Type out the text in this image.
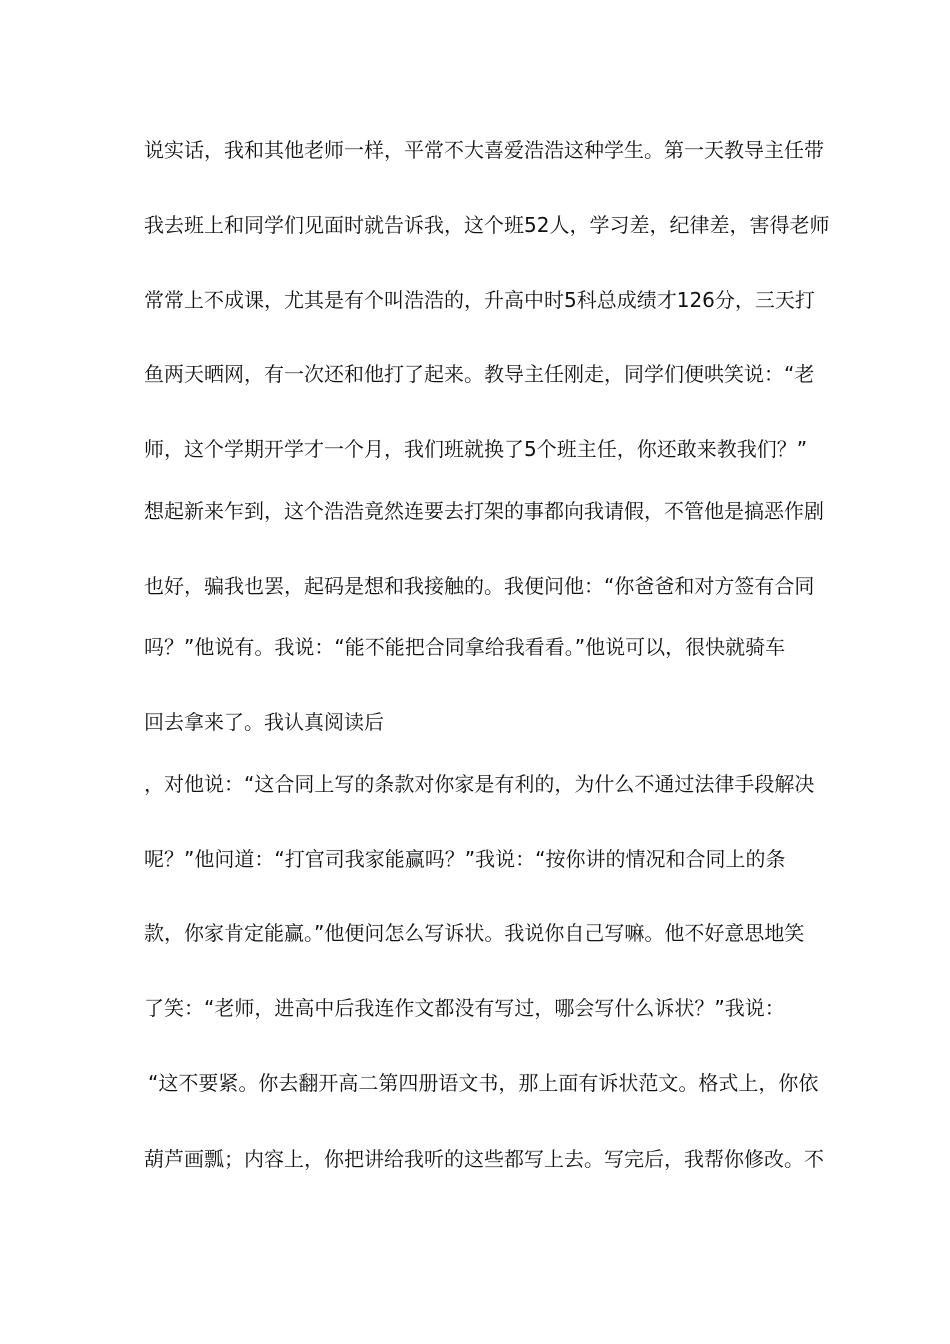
说实话，我和其他老师一样，平常不大喜爱浩浩这种学生。第一天教导主任带
我去班上和同学们见面时就告诉我，这个班52人，学习差，纪律差，害得老师
常常上不成课，尤其是有个叫浩浩的，升高中时5科总成绩才126分，三天打
鱼两天晒网，有一次还和他打了起来。教导主任刚走，同学们便哄笑说：“老
师，这个学期开学才一个月，我们班就换了5个班主任，你还敢来教我们？”
想起新来乍到，这个浩浩竟然连要去打架的事都向我请假，不管他是搞恶作剧
也好，骗我也罢，起码是想和我接触的。我便问他：“你爸爸和对方签有合同
吗？”他说有。我说：“能不能把合同拿给我看看。”他说可以，很快就骑车
回去拿来了。我认真阅读后
，对他说：“这合同上写的条款对你家是有利的，为什么不通过法律手段解决
呢？”他问道：“打官司我家能赢吗？”我说：“按你讲的情况和合同上的条
款，你家肯定能赢。”他便问怎么写诉状。我说你自己写嘛。他不好意思地笑
了笑：“老师，进高中后我连作文都没有写过，哪会写什么诉状？”我说：
“这不要紧。你去翻开高二第四册语文书，那上面有诉状范文。格式上，你依
葫芦画瓢；内容上，你把讲给我听的这些都写上去。写完后，我帮你修改。不
